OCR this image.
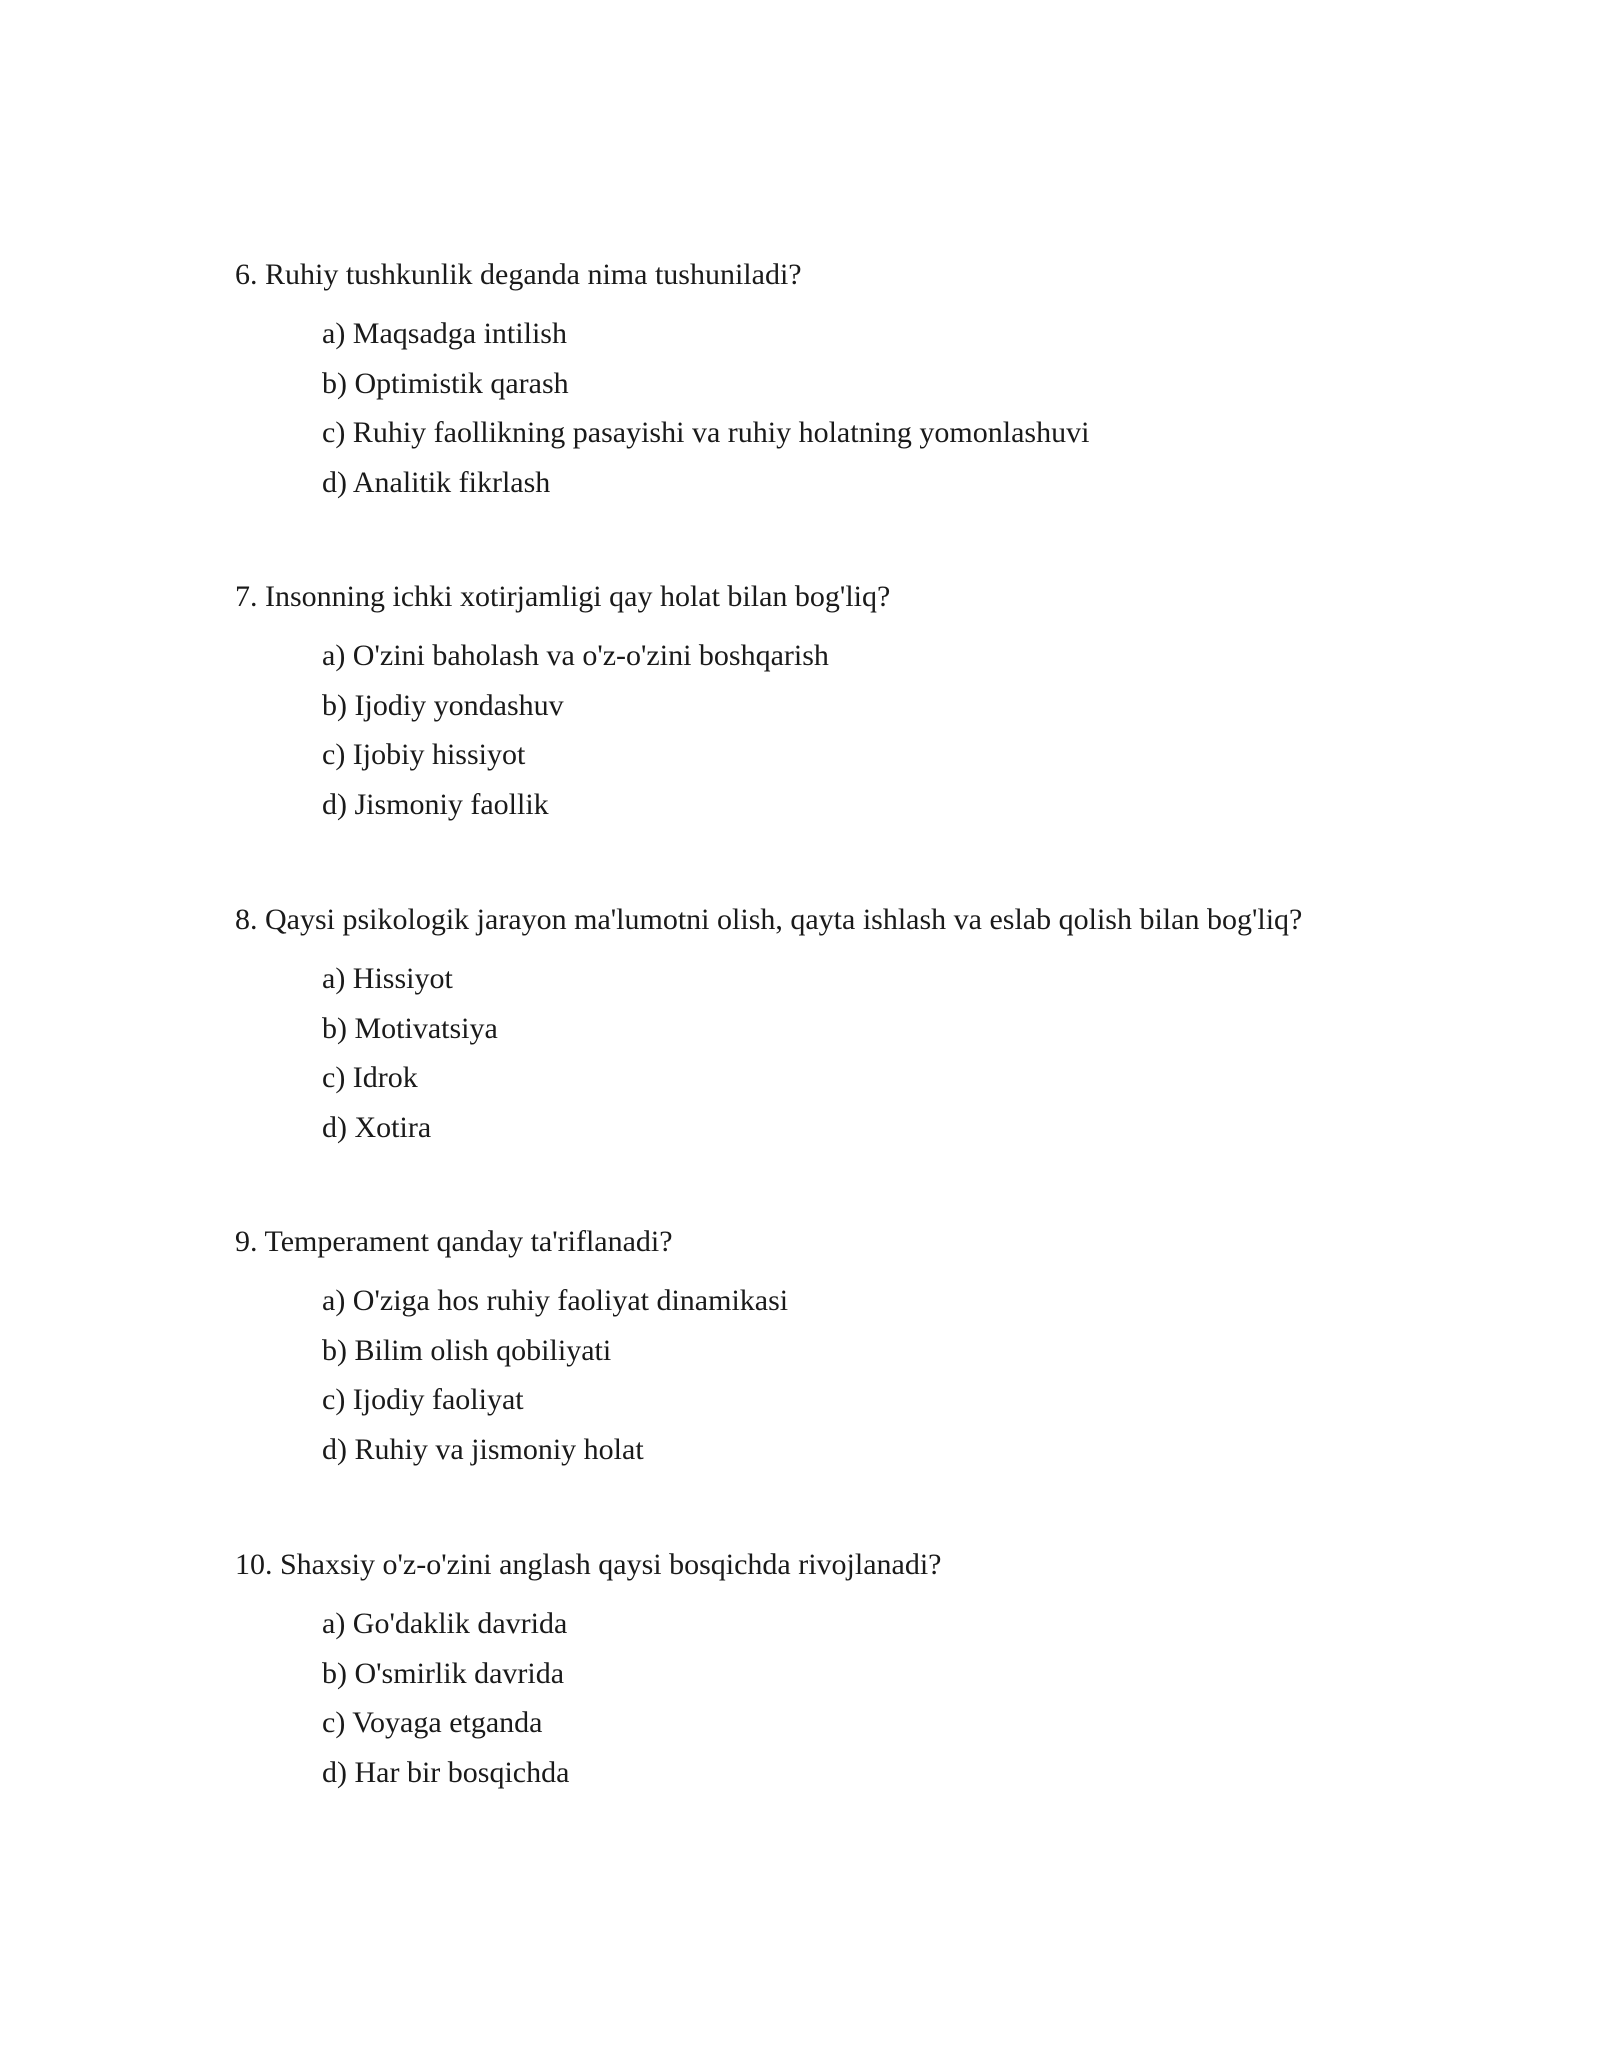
6. Ruhiy tushkunlik deganda nima tushuniladi?

a) Maqsadga intilish
b) Optimistik qarash
c) Ruhiy faollikning pasayishi va ruhiy holatning yomonlashuvi
d) Analitik fikrlash

7. Insonning ichki xotirjamligi qay holat bilan bog'liq?

a) O'zini baholash va o'z-o'zini boshqarish
b) Ijodiy yondashuv
c) Ijobiy hissiyot
d) Jismoniy faollik

8. Qaysi psikologik jarayon ma'lumotni olish, qayta ishlash va eslab qolish bilan bog'liq?

a) Hissiyot
b) Motivatsiya
c) Idrok
d) Xotira

9. Temperament qanday ta'riflanadi?

a) O'ziga hos ruhiy faoliyat dinamikasi
b) Bilim olish qobiliyati
c) Ijodiy faoliyat
d) Ruhiy va jismoniy holat

10. Shaxsiy o'z-o'zini anglash qaysi bosqichda rivojlanadi?

a) Go'daklik davrida
b) O'smirlik davrida
c) Voyaga etganda
d) Har bir bosqichda
